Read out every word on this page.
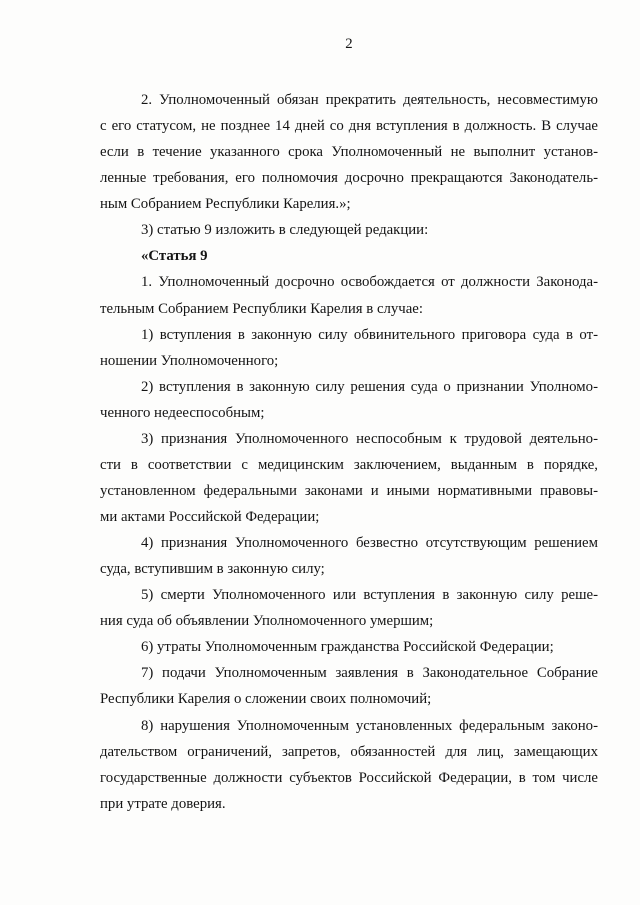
2
2. Уполномоченный обязан прекратить деятельность, несовместимую
с его статусом, не позднее 14 дней со дня вступления в должность. В случае
если в течение указанного срока Уполномоченный не выполнит установ-
ленные требования, его полномочия досрочно прекращаются Законодатель-
ным Собранием Республики Карелия.»;
3) статью 9 изложить в следующей редакции:
«Статья 9
1. Уполномоченный досрочно освобождается от должности Законода-
тельным Собранием Республики Карелия в случае:
1) вступления в законную силу обвинительного приговора суда в от-
ношении Уполномоченного;
2) вступления в законную силу решения суда о признании Уполномо-
ченного недееспособным;
3) признания Уполномоченного неспособным к трудовой деятельно-
сти в соответствии с медицинским заключением, выданным в порядке,
установленном федеральными законами и иными нормативными правовы-
ми актами Российской Федерации;
4) признания Уполномоченного безвестно отсутствующим решением
суда, вступившим в законную силу;
5) смерти Уполномоченного или вступления в законную силу реше-
ния суда об объявлении Уполномоченного умершим;
6) утраты Уполномоченным гражданства Российской Федерации;
7) подачи Уполномоченным заявления в Законодательное Собрание
Республики Карелия о сложении своих полномочий;
8) нарушения Уполномоченным установленных федеральным законо-
дательством ограничений, запретов, обязанностей для лиц, замещающих
государственные должности субъектов Российской Федерации, в том числе
при утрате доверия.
